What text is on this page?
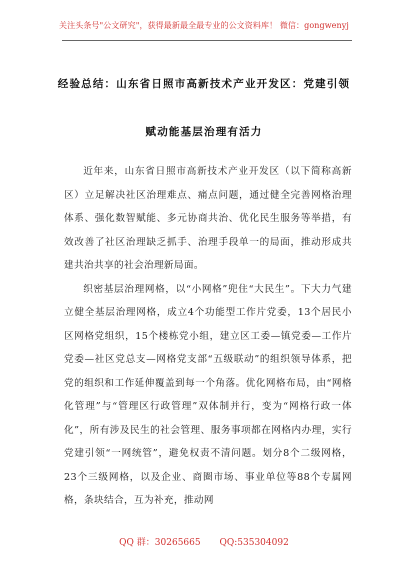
关注头条号"公文研究"，获得最新最全最专业的公文资料库！ 微信：gongwenyj
经验总结：山东省日照市高新技术产业开发区：党建引领
赋动能基层治理有活力

近年来，山东省日照市高新技术产业开发区（以下简称高新区）立足解决社区治理难点、痛点问题，通过健全完善网格治理体系、强化数智赋能、多元协商共治、优化民生服务等举措，有效改善了社区治理缺乏抓手、治理手段单一的局面，推动形成共建共治共享的社会治理新局面。

织密基层治理网格，以“小网格”兜住“大民生”。下大力气建立健全基层治理网格，成立4个功能型工作片党委，13个居民小区网格党组织，15个楼栋党小组，建立区工委—镇党委—工作片党委—社区党总支—网格党支部“五级联动”的组织领导体系，把党的组织和工作延伸覆盖到每一个角落。优化网格布局，由“网格化管理”与“管理区行政管理”双体制并行，变为“网格行政一体化”，所有涉及民生的社会管理、服务事项都在网格内办理，实行党建引领“一网统管”，避免权责不清问题。划分8个二级网格，23个三级网格，以及企业、商圈市场、事业单位等88个专属网格，条块结合，互为补充，推动网

QQ 群：30265665 QQ:535304092
